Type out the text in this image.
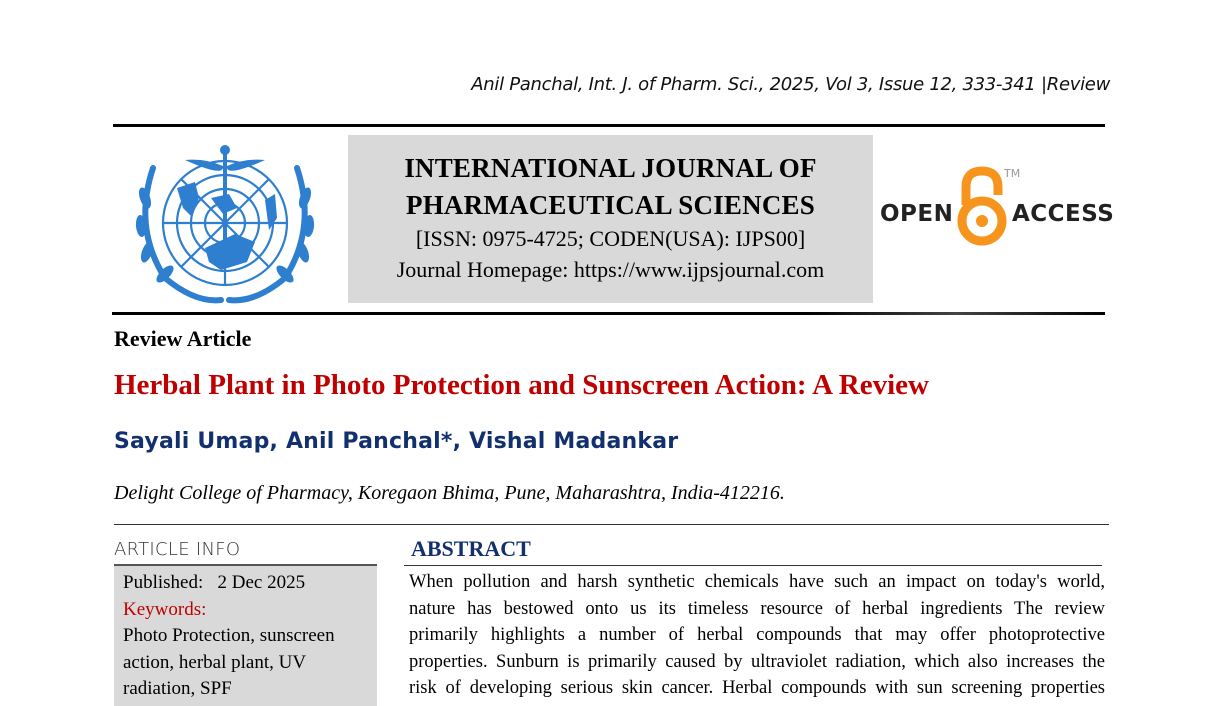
Anil Panchal, Int. J. of Pharm. Sci., 2025, Vol 3, Issue 12, 333-341 |Review
INTERNATIONAL JOURNAL OF
PHARMACEUTICAL SCIENCES
[ISSN: 0975-4725; CODEN(USA): IJPS00]
Journal Homepage: https://www.ijpsjournal.com
OPEN
TM
ACCESS
Review Article
Herbal Plant in Photo Protection and Sunscreen Action: A Review
Sayali Umap, Anil Panchal*, Vishal Madankar
Delight College of Pharmacy, Koregaon Bhima, Pune, Maharashtra, India-412216.
ARTICLE INFO
Published: 2 Dec 2025
Keywords:
Photo Protection, sunscreen
action, herbal plant, UV
radiation, SPF
ABSTRACT
When pollution and harsh synthetic chemicals have such an impact on today's world,
nature has bestowed onto us its timeless resource of herbal ingredients The review
primarily highlights a number of herbal compounds that may offer photoprotective
properties. Sunburn is primarily caused by ultraviolet radiation, which also increases the
risk of developing serious skin cancer. Herbal compounds with sun screening properties
